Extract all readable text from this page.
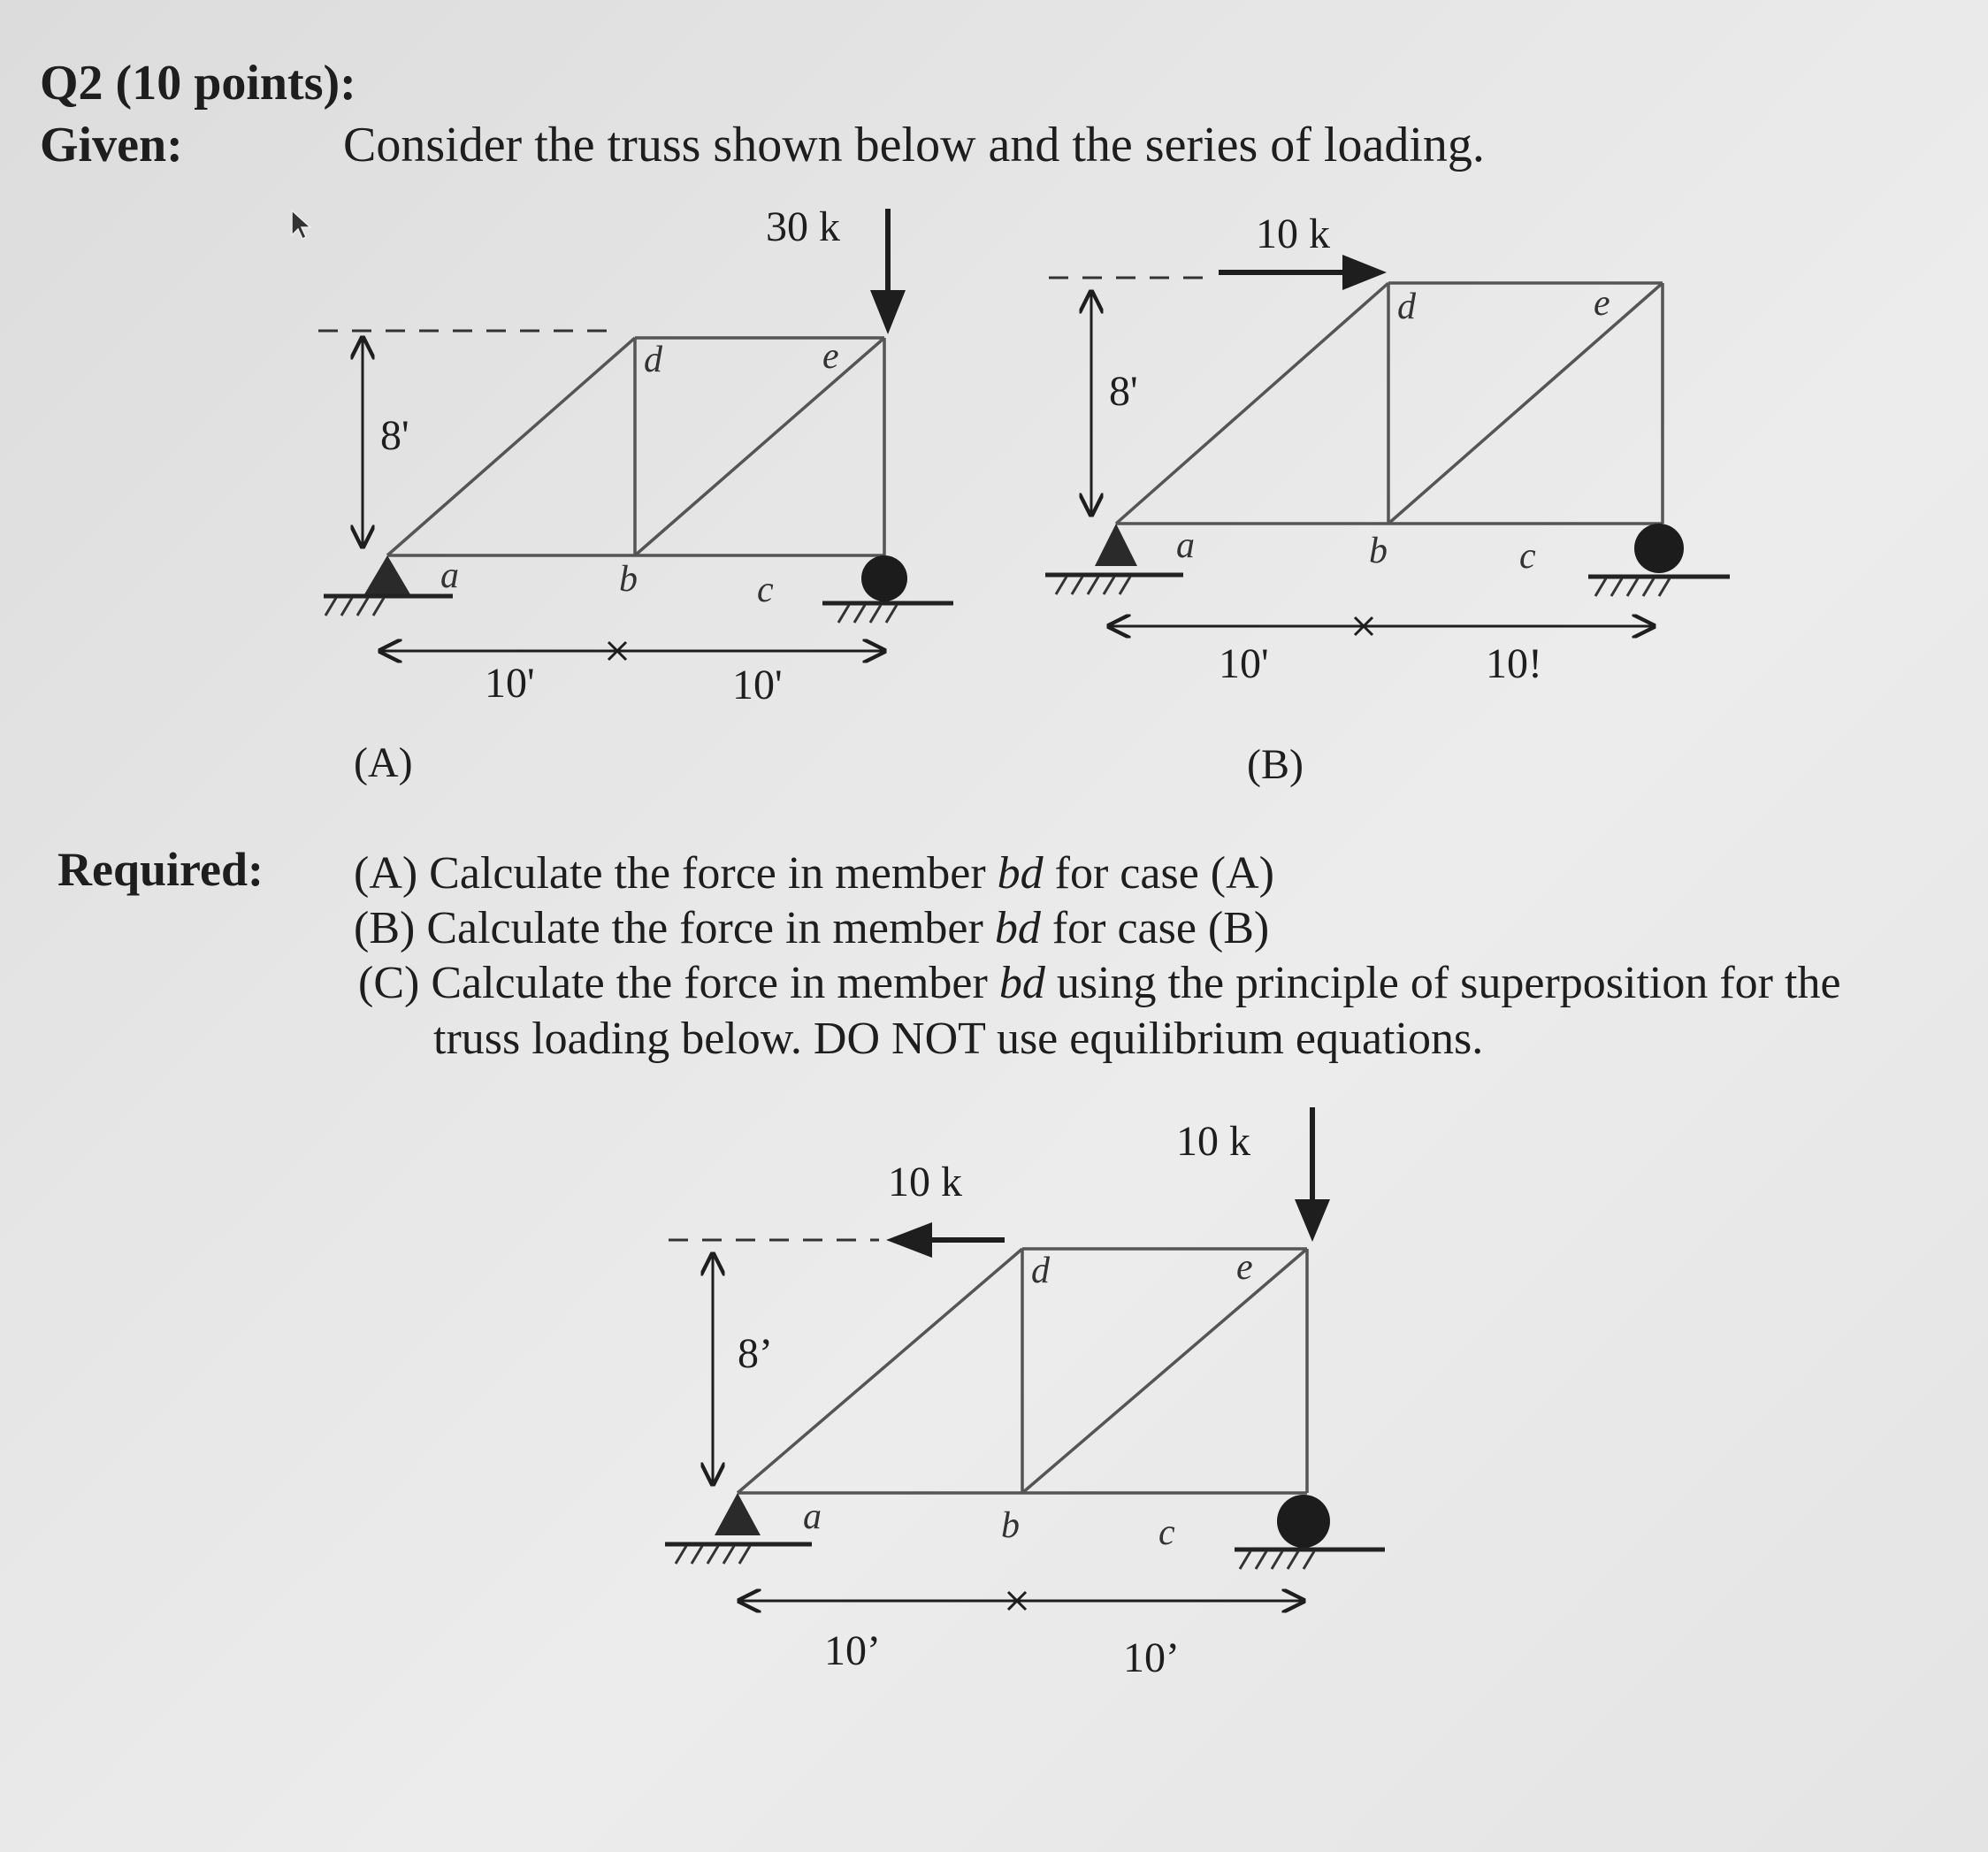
Q2 (10 points):
Given:	Consider the truss shown below and the series of loading.
Required: (A) Calculate the force in member bd for case (A)
(B) Calculate the force in member bd for case (B)
(C) Calculate the force in member bd using the principle of superposition for the
truss loading below. DO NOT use equilibrium equations.
8'
30 k
10'	10'
a	b	c
d	e
(A)
10 k
8'
10'	10!
a	b	c
d	e
(B)
10 k
10 k
8’
10’	10’
a	b	c
d	e
